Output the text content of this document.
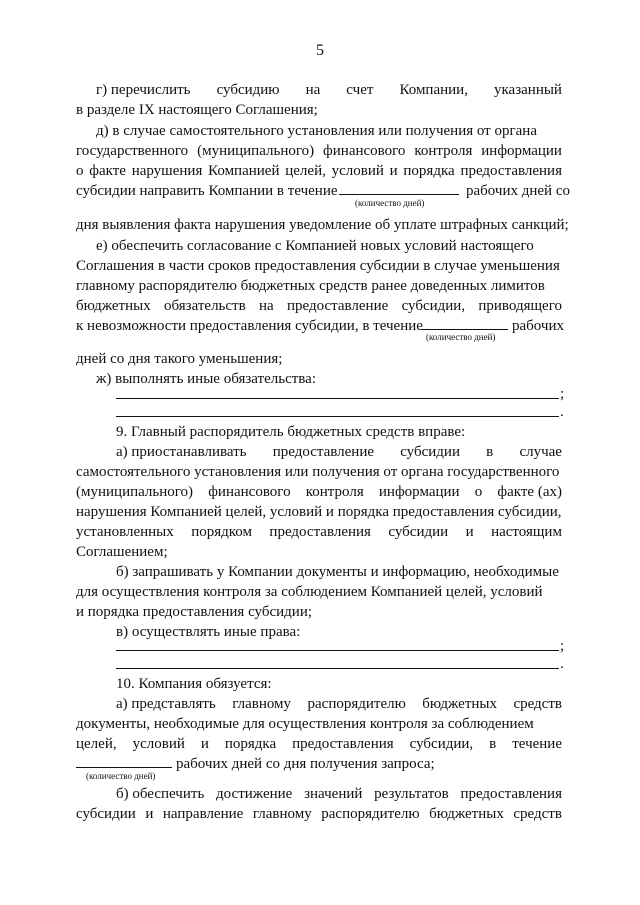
5
г) перечислить субсидию на счет Компании, указанный
в разделе IX настоящего Соглашения;
д) в случае самостоятельного установления или получения от органа
государственного (муниципального) финансового контроля информации
о факте нарушения Компанией целей, условий и порядка предоставления
субсидии направить Компании в течение	рабочих дней со
(количество дней)
дня выявления факта нарушения уведомление об уплате штрафных санкций;
е) обеспечить согласование с Компанией новых условий настоящего
Соглашения в части сроков предоставления субсидии в случае уменьшения
главному распорядителю бюджетных средств ранее доведенных лимитов
бюджетных обязательств на предоставление субсидии, приводящего
к невозможности предоставления субсидии, в течение	рабочих
(количество дней)
дней со дня такого уменьшения;
ж) выполнять иные обязательства:
;
.
9. Главный распорядитель бюджетных средств вправе:
а) приостанавливать предоставление субсидии в случае
самостоятельного установления или получения от органа государственного
(муниципального) финансового контроля информации о факте (ах)
нарушения Компанией целей, условий и порядка предоставления субсидии,
установленных порядком предоставления субсидии и настоящим
Соглашением;
б) запрашивать у Компании документы и информацию, необходимые
для осуществления контроля за соблюдением Компанией целей, условий
и порядка предоставления субсидии;
в) осуществлять иные права:
;
.
10. Компания обязуется:
а) представлять главному распорядителю бюджетных средств
документы, необходимые для осуществления контроля за соблюдением
целей, условий и порядка предоставления субсидии, в течение
рабочих дней со дня получения запроса;
(количество дней)
б) обеспечить достижение значений результатов предоставления
субсидии и направление главному распорядителю бюджетных средств
